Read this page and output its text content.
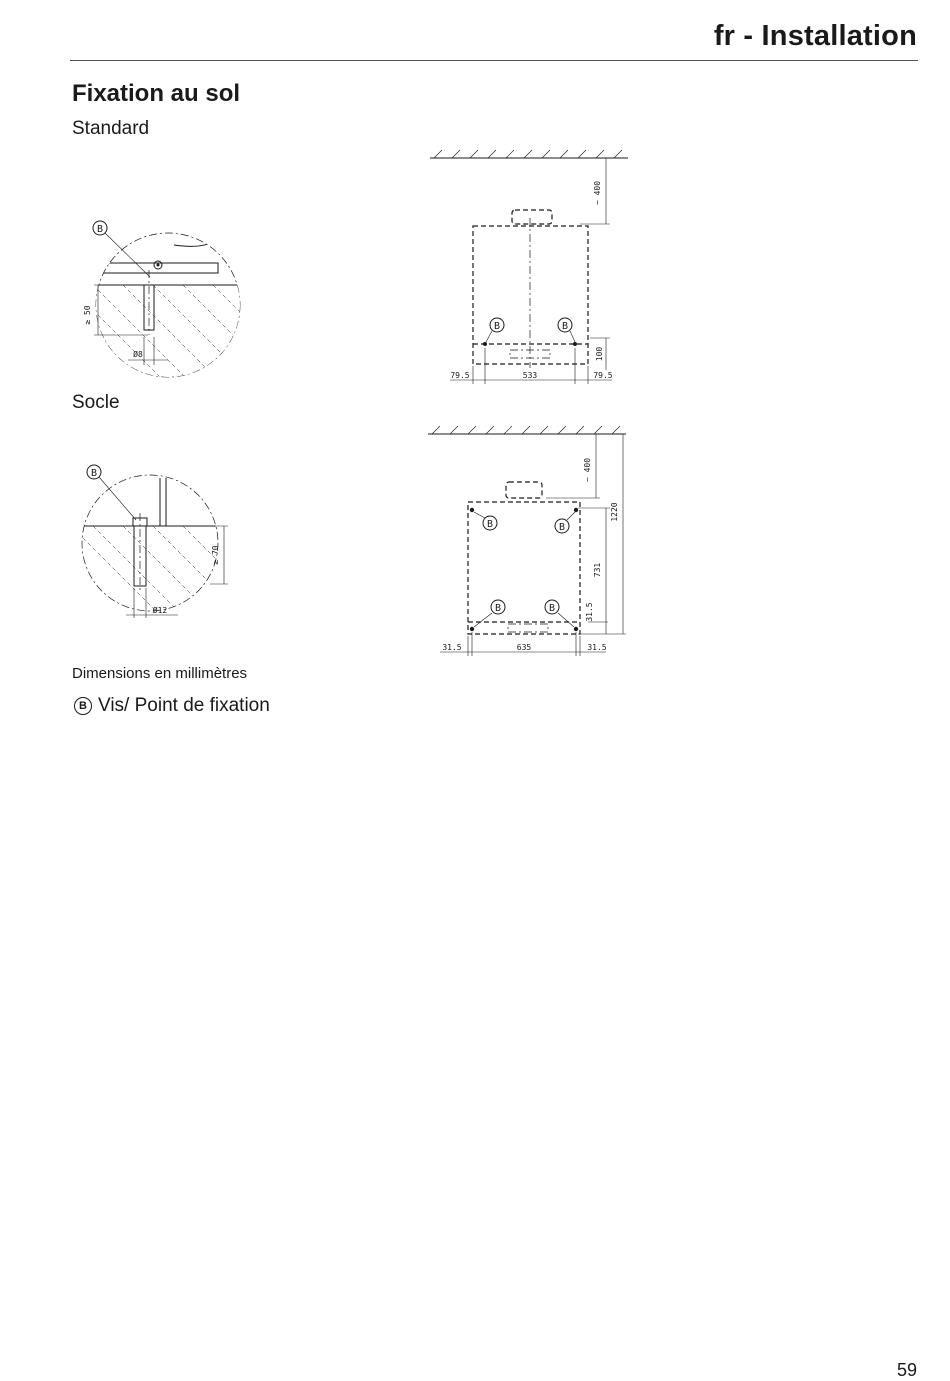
fr - Installation
Fixation au sol
Standard
Socle
B
≥ 50
Ø8
B	B
~ 400
100
79.5	533	79.5
B
≥ 70
Ø12
B	B
B	B
~ 400
1220
731
31.5
31.5	635	31.5
Dimensions en millimètres
B Vis/ Point de fixation
59
